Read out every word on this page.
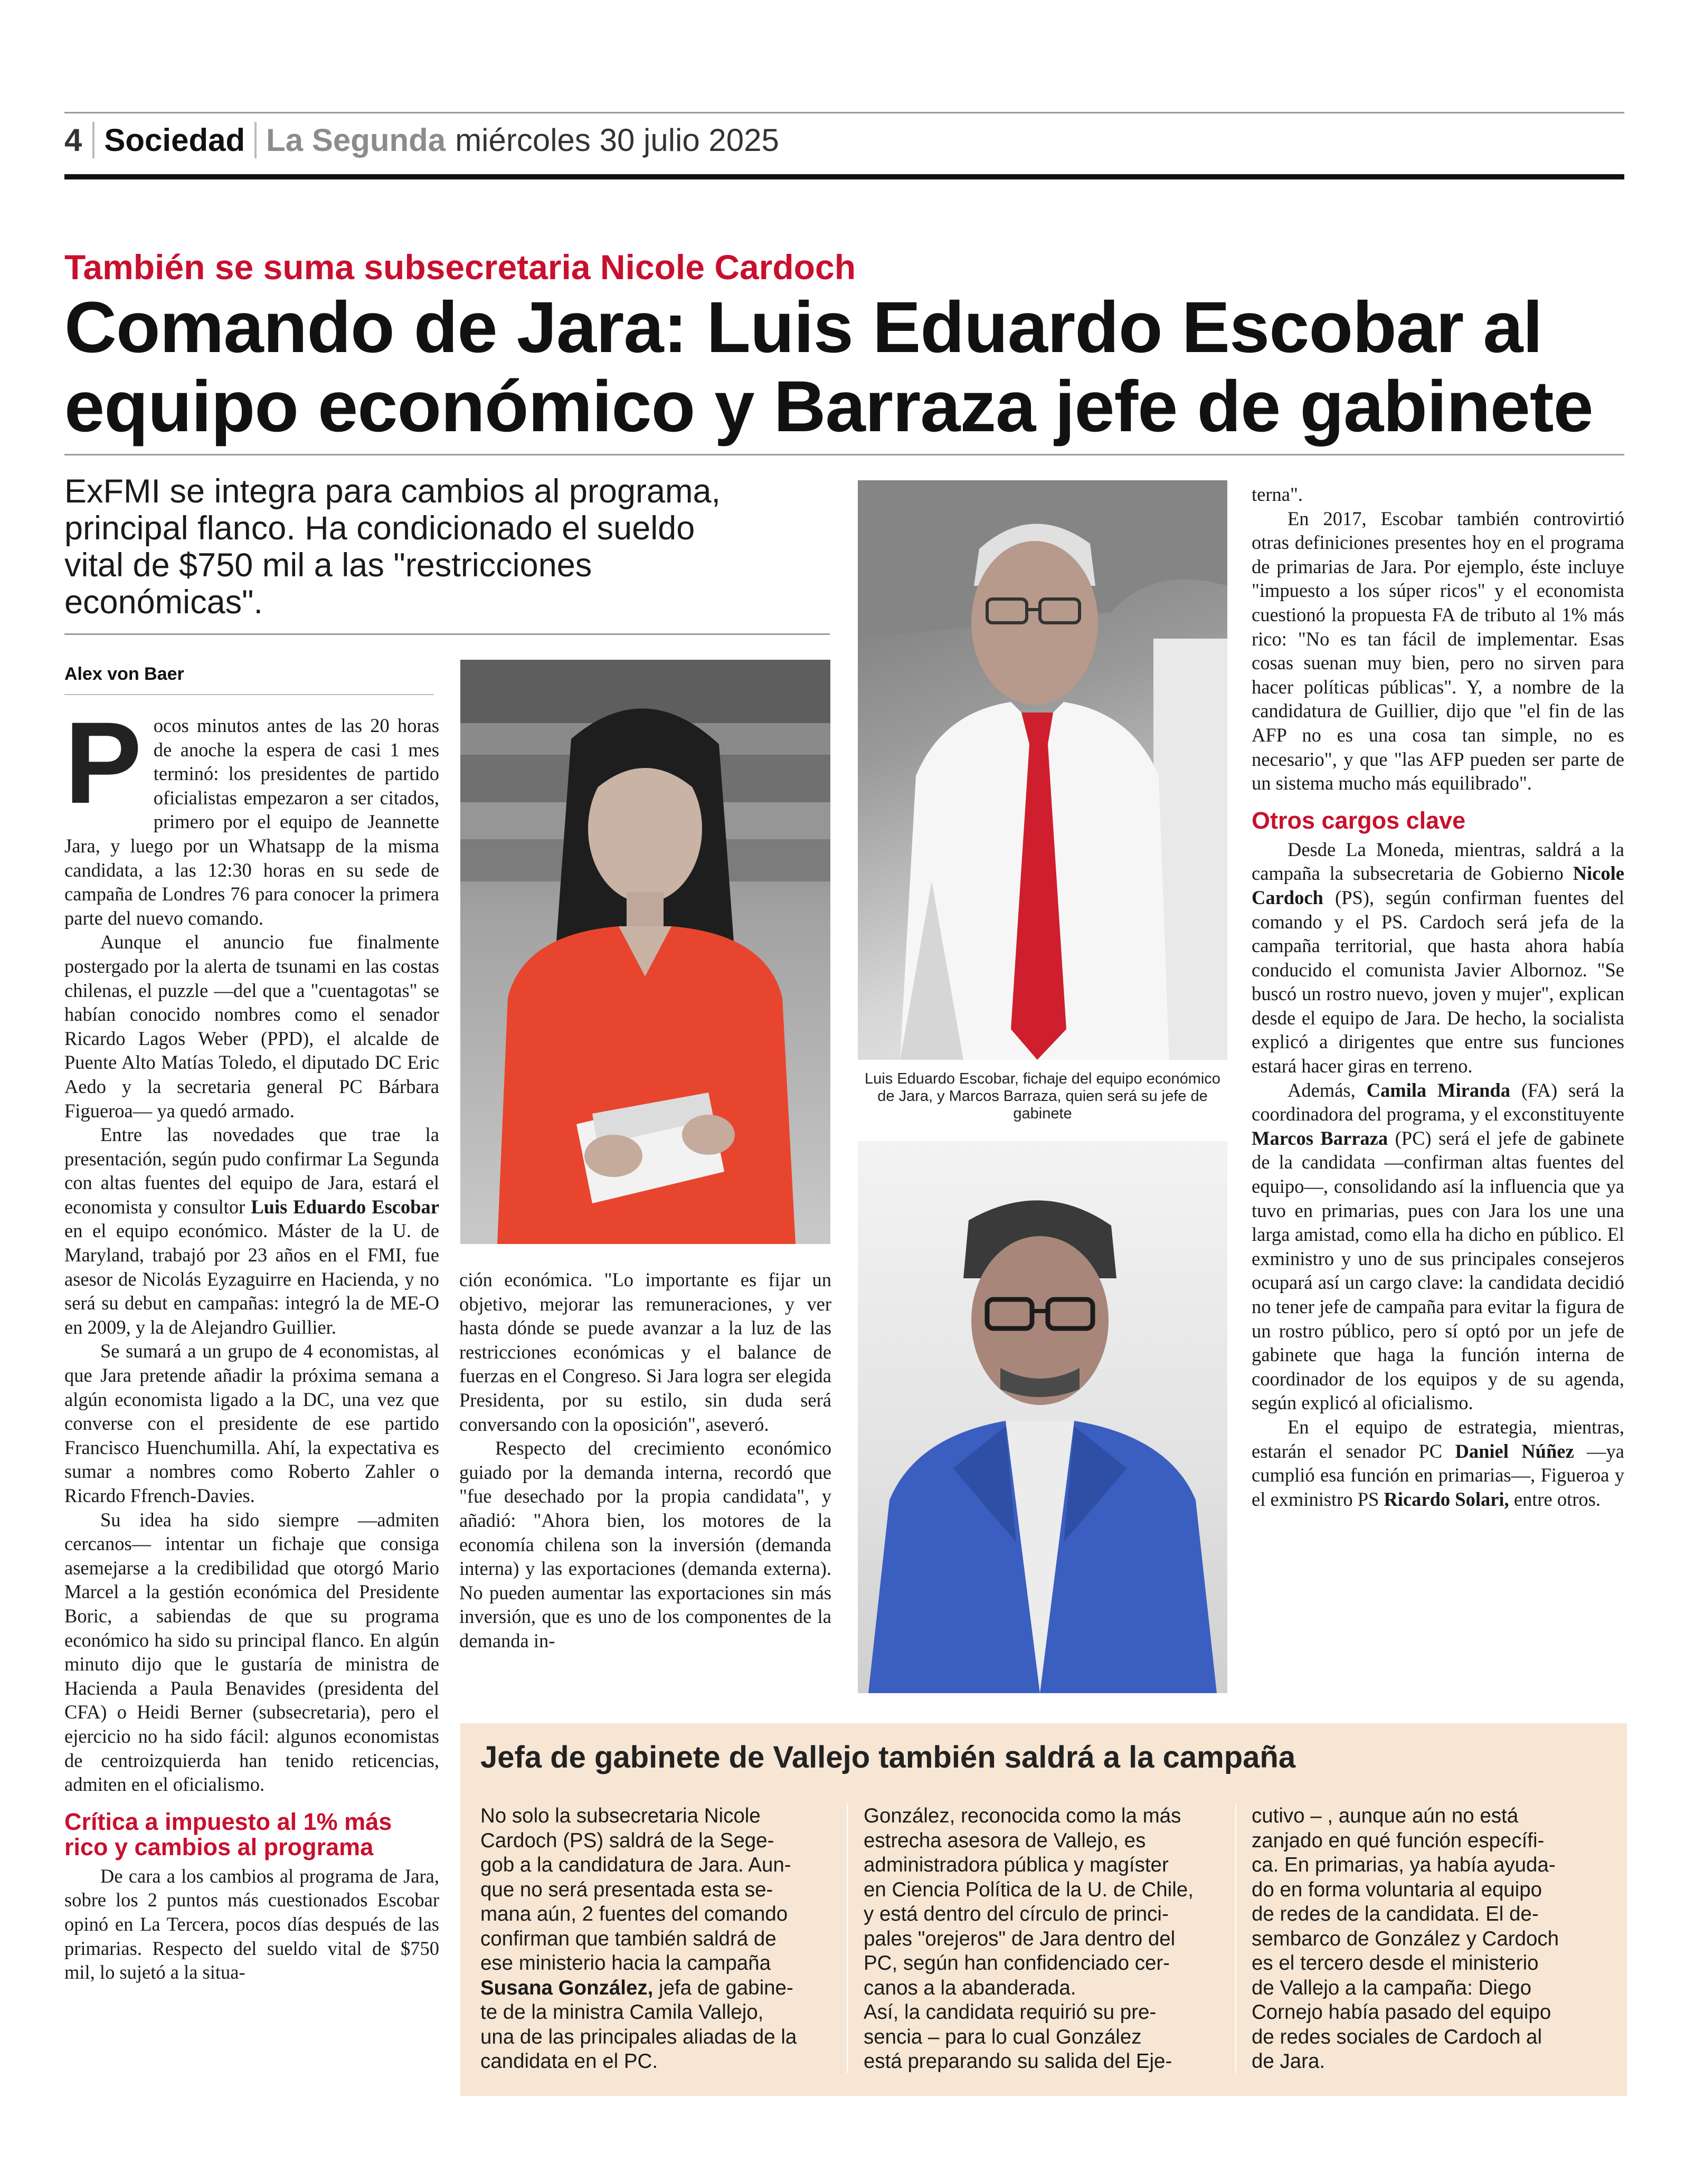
4 Sociedad La Segunda miércoles 30 julio 2025
También se suma subsecretaria Nicole Cardoch
Comando de Jara: Luis Eduardo Escobar al
equipo económico y Barraza jefe de gabinete
ExFMI se integra para cambios al programa,
principal flanco. Ha condicionado el sueldo
vital de $750 mil a las "restricciones
económicas".
Alex von Baer
P ocos minutos antes de las 20 horas de anoche la espera de casi 1 mes terminó: los presidentes de partido oficialistas empezaron a ser citados, primero por el equipo de Jeannette Jara, y luego por un Whatsapp de la misma candidata, a las 12:30 horas en su sede de campaña de Londres 76 para conocer la primera parte del nuevo comando.

Aunque el anuncio fue finalmente postergado por la alerta de tsunami en las costas chilenas, el puzzle —del que a "cuentagotas" se habían conocido nombres como el senador Ricardo Lagos Weber (PPD), el alcalde de Puente Alto Matías Toledo, el diputado DC Eric Aedo y la secretaria general PC Bárbara Figueroa— ya quedó armado.

Entre las novedades que trae la presentación, según pudo confirmar La Segunda con altas fuentes del equipo de Jara, estará el economista y consultor Luis Eduardo Escobar en el equipo económico. Máster de la U. de Maryland, trabajó por 23 años en el FMI, fue asesor de Nicolás Eyzaguirre en Hacienda, y no será su debut en campañas: integró la de ME-O en 2009, y la de Alejandro Guillier.

Se sumará a un grupo de 4 economistas, al que Jara pretende añadir la próxima semana a algún economista ligado a la DC, una vez que converse con el presidente de ese partido Francisco Huenchumilla. Ahí, la expectativa es sumar a nombres como Roberto Zahler o Ricardo Ffrench-Davies.

Su idea ha sido siempre —admiten cercanos— intentar un fichaje que consiga asemejarse a la credibilidad que otorgó Mario Marcel a la gestión económica del Presidente Boric, a sabiendas de que su programa económico ha sido su principal flanco. En algún minuto dijo que le gustaría de ministra de Hacienda a Paula Benavides (presidenta del CFA) o Heidi Berner (subsecretaria), pero el ejercicio no ha sido fácil: algunos economistas de centroizquierda han tenido reticencias, admiten en el oficialismo.

Crítica a impuesto al 1% más rico y cambios al programa

De cara a los cambios al programa de Jara, sobre los 2 puntos más cuestionados Escobar opinó en La Tercera, pocos días después de las primarias. Respecto del sueldo vital de $750 mil, lo sujetó a la situa-

Luis Eduardo Escobar, fichaje del equipo económico de Jara, y Marcos Barraza, quien será su jefe de gabinete

ción económica. "Lo importante es fijar un objetivo, mejorar las remuneraciones, y ver hasta dónde se puede avanzar a la luz de las restricciones económicas y el balance de fuerzas en el Congreso. Si Jara logra ser elegida Presidenta, por su estilo, sin duda será conversando con la oposición", aseveró.

Respecto del crecimiento económico guiado por la demanda interna, recordó que "fue desechado por la propia candidata", y añadió: "Ahora bien, los motores de la economía chilena son la inversión (demanda interna) y las exportaciones (demanda externa). No pueden aumentar las exportaciones sin más inversión, que es uno de los componentes de la demanda in-

terna".

En 2017, Escobar también controvirtió otras definiciones presentes hoy en el programa de primarias de Jara. Por ejemplo, éste incluye "impuesto a los súper ricos" y el economista cuestionó la propuesta FA de tributo al 1% más rico: "No es tan fácil de implementar. Esas cosas suenan muy bien, pero no sirven para hacer políticas públicas". Y, a nombre de la candidatura de Guillier, dijo que "el fin de las AFP no es una cosa tan simple, no es necesario", y que "las AFP pueden ser parte de un sistema mucho más equilibrado".

Otros cargos clave

Desde La Moneda, mientras, saldrá a la campaña la subsecretaria de Gobierno Nicole Cardoch (PS), según confirman fuentes del comando y el PS. Cardoch será jefa de la campaña territorial, que hasta ahora había conducido el comunista Javier Albornoz. "Se buscó un rostro nuevo, joven y mujer", explican desde el equipo de Jara. De hecho, la socialista explicó a dirigentes que entre sus funciones estará hacer giras en terreno.

Además, Camila Miranda (FA) será la coordinadora del programa, y el exconstituyente Marcos Barraza (PC) será el jefe de gabinete de la candidata —confirman altas fuentes del equipo—, consolidando así la influencia que ya tuvo en primarias, pues con Jara los une una larga amistad, como ella ha dicho en público. El exministro y uno de sus principales consejeros ocupará así un cargo clave: la candidata decidió no tener jefe de campaña para evitar la figura de un rostro público, pero sí optó por un jefe de gabinete que haga la función interna de coordinador de los equipos y de su agenda, según explicó al oficialismo.

En el equipo de estrategia, mientras, estarán el senador PC Daniel Núñez —ya cumplió esa función en primarias—, Figueroa y el exministro PS Ricardo Solari, entre otros.

Jefa de gabinete de Vallejo también saldrá a la campaña
No solo la subsecretaria Nicole
Cardoch (PS) saldrá de la Sege-
gob a la candidatura de Jara. Aun-
que no será presentada esta se-
mana aún, 2 fuentes del comando
confirman que también saldrá de
ese ministerio hacia la campaña
Susana González, jefa de gabine-
te de la ministra Camila Vallejo,
una de las principales aliadas de la
candidata en el PC.
González, reconocida como la más
estrecha asesora de Vallejo, es
administradora pública y magíster
en Ciencia Política de la U. de Chile,
y está dentro del círculo de princi-
pales "orejeros" de Jara dentro del
PC, según han confidenciado cer-
canos a la abanderada.
Así, la candidata requirió su pre-
sencia – para lo cual González
está preparando su salida del Eje-
cutivo – , aunque aún no está
zanjado en qué función específi-
ca. En primarias, ya había ayuda-
do en forma voluntaria al equipo
de redes de la candidata. El de-
sembarco de González y Cardoch
es el tercero desde el ministerio
de Vallejo a la campaña: Diego
Cornejo había pasado del equipo
de redes sociales de Cardoch al
de Jara.
